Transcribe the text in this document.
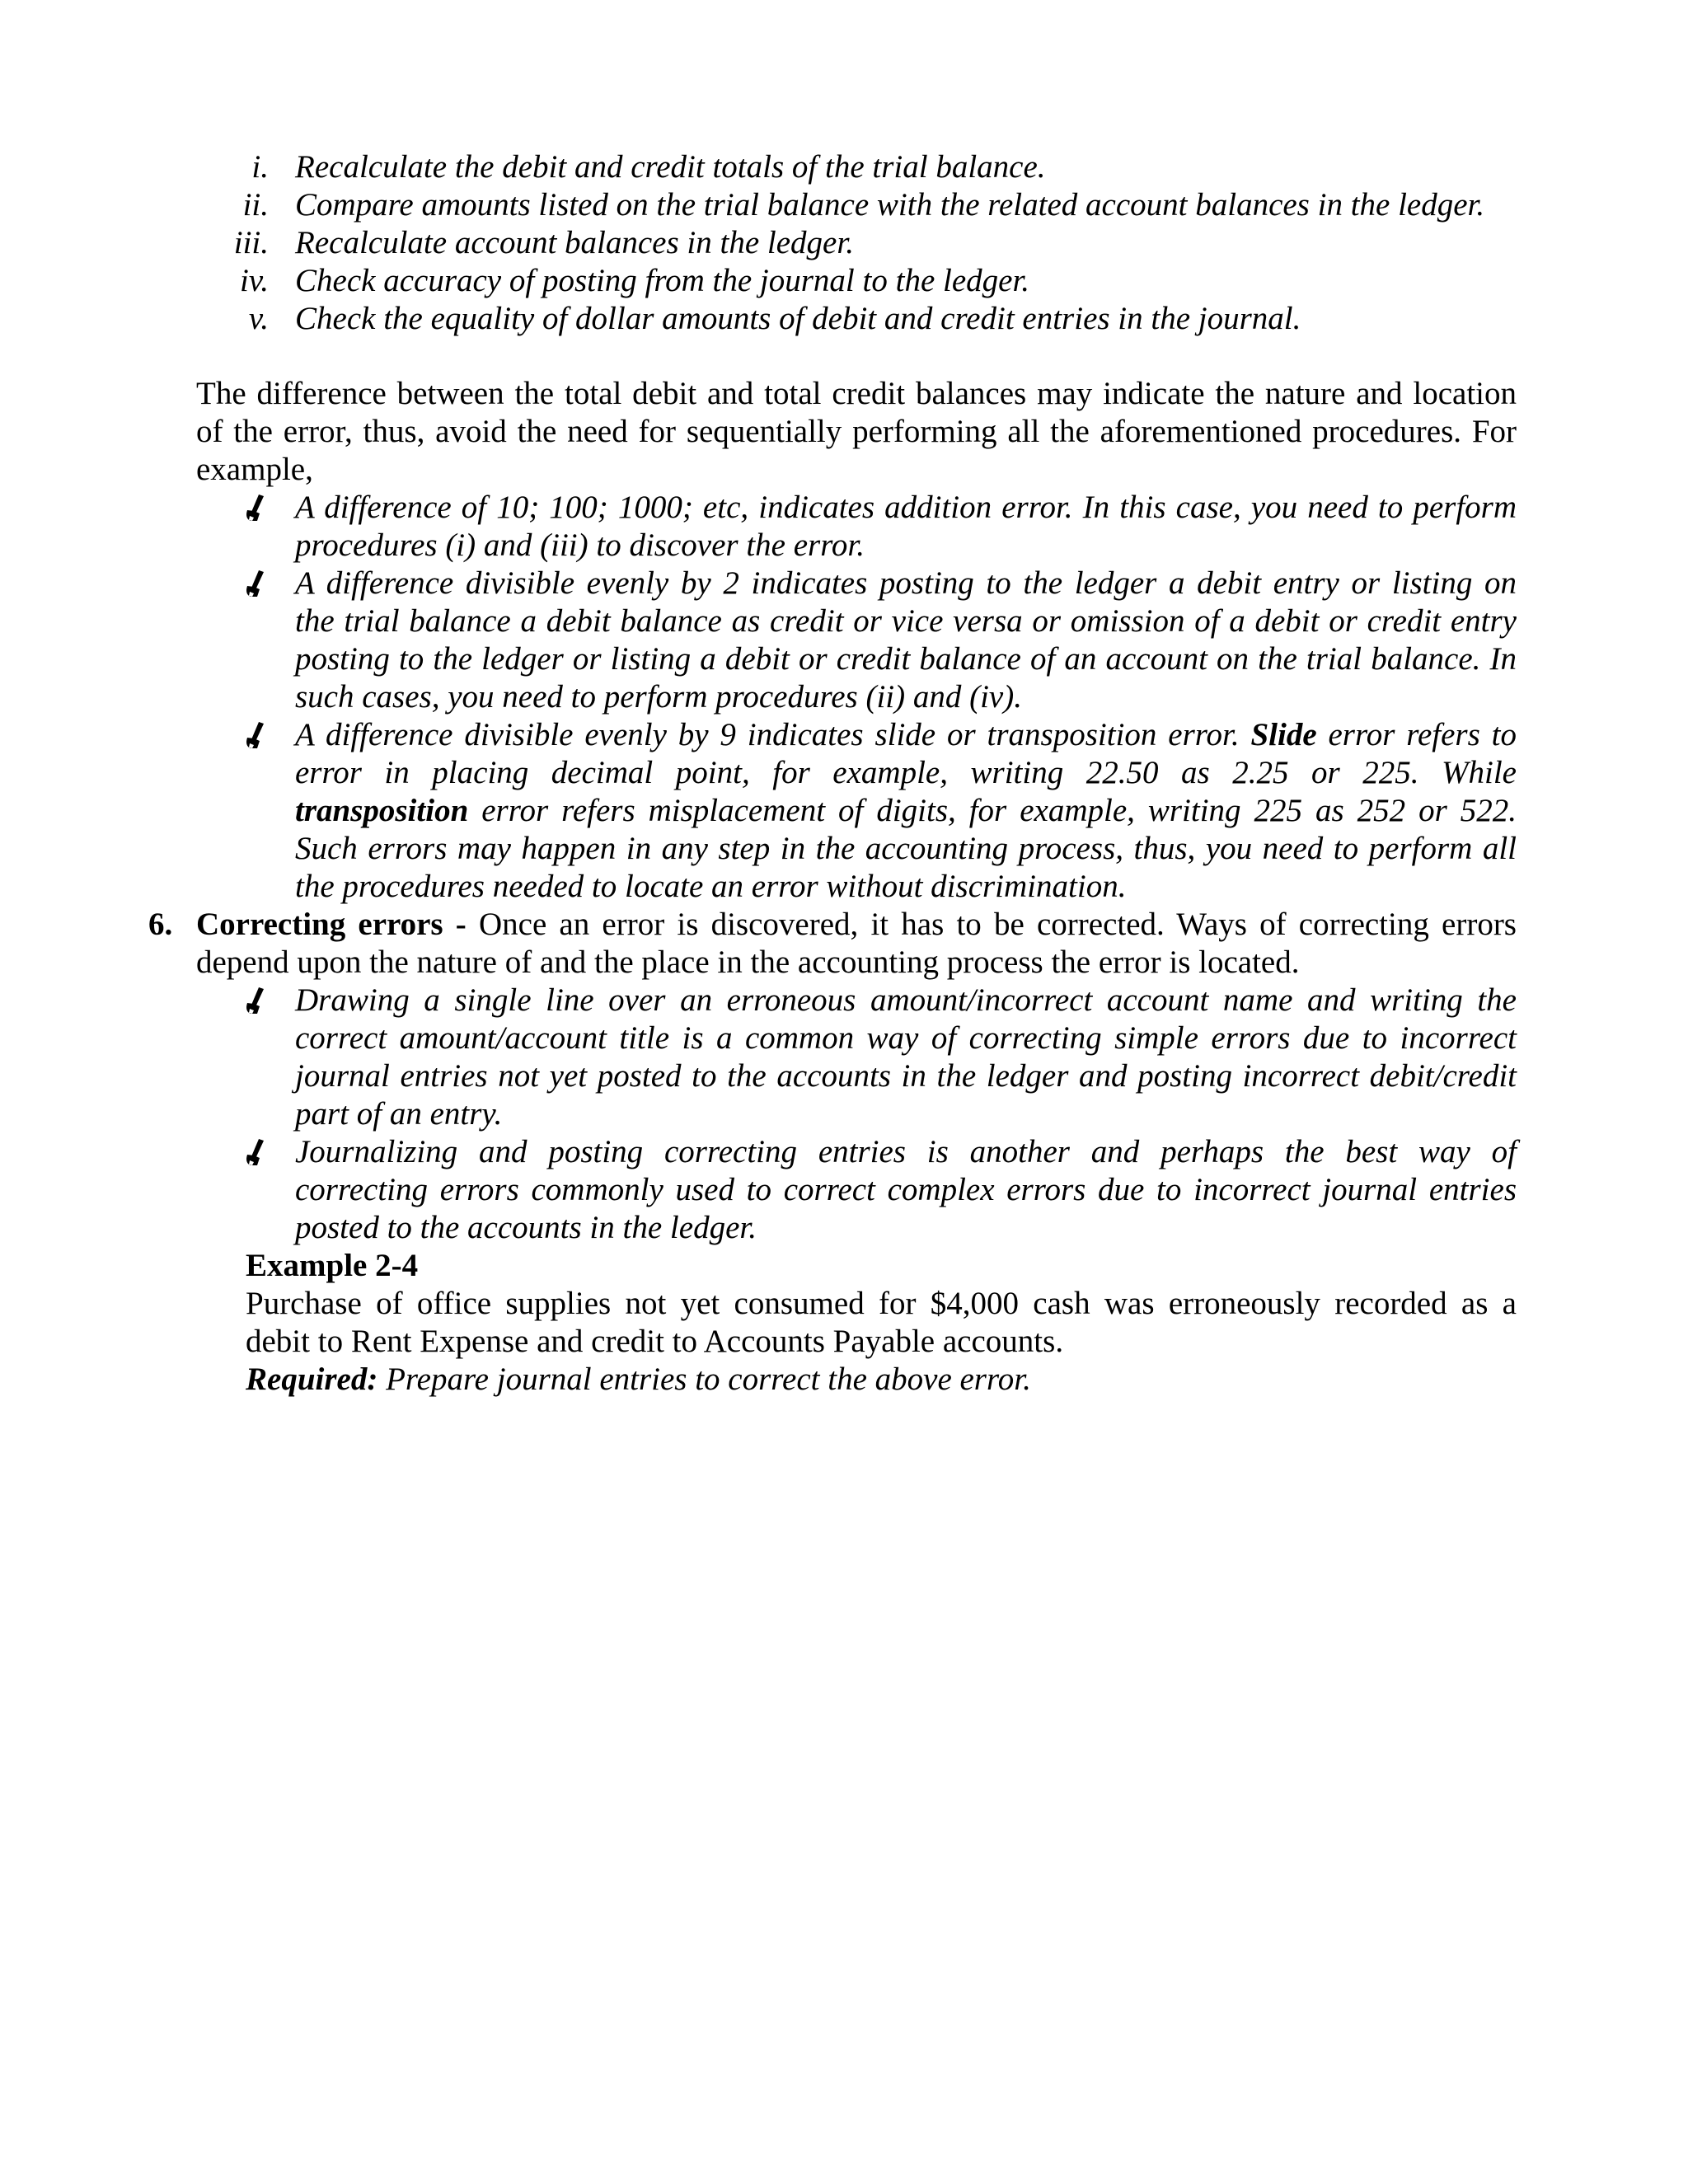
i. Recalculate the debit and credit totals of the trial balance.
ii. Compare amounts listed on the trial balance with the related account balances in the ledger.
iii. Recalculate account balances in the ledger.
iv. Check accuracy of posting from the journal to the ledger.
v. Check the equality of dollar amounts of debit and credit entries in the journal.
The difference between the total debit and total credit balances may indicate the nature and location
of the error, thus, avoid the need for sequentially performing all the aforementioned procedures. For
example,
A difference of 10; 100; 1000; etc, indicates addition error. In this case, you need to perform
procedures (i) and (iii) to discover the error.
A difference divisible evenly by 2 indicates posting to the ledger a debit entry or listing on
the trial balance a debit balance as credit or vice versa or omission of a debit or credit entry
posting to the ledger or listing a debit or credit balance of an account on the trial balance. In
such cases, you need to perform procedures (ii) and (iv).
A difference divisible evenly by 9 indicates slide or transposition error. Slide error refers to
error in placing decimal point, for example, writing 22.50 as 2.25 or 225. While
transposition error refers misplacement of digits, for example, writing 225 as 252 or 522.
Such errors may happen in any step in the accounting process, thus, you need to perform all
the procedures needed to locate an error without discrimination.
6. Correcting errors - Once an error is discovered, it has to be corrected. Ways of correcting errors
depend upon the nature of and the place in the accounting process the error is located.
Drawing a single line over an erroneous amount/incorrect account name and writing the
correct amount/account title is a common way of correcting simple errors due to incorrect
journal entries not yet posted to the accounts in the ledger and posting incorrect debit/credit
part of an entry.
Journalizing and posting correcting entries is another and perhaps the best way of
correcting errors commonly used to correct complex errors due to incorrect journal entries
posted to the accounts in the ledger.
Example 2-4
Purchase of office supplies not yet consumed for $4,000 cash was erroneously recorded as a
debit to Rent Expense and credit to Accounts Payable accounts.
Required: Prepare journal entries to correct the above error.
